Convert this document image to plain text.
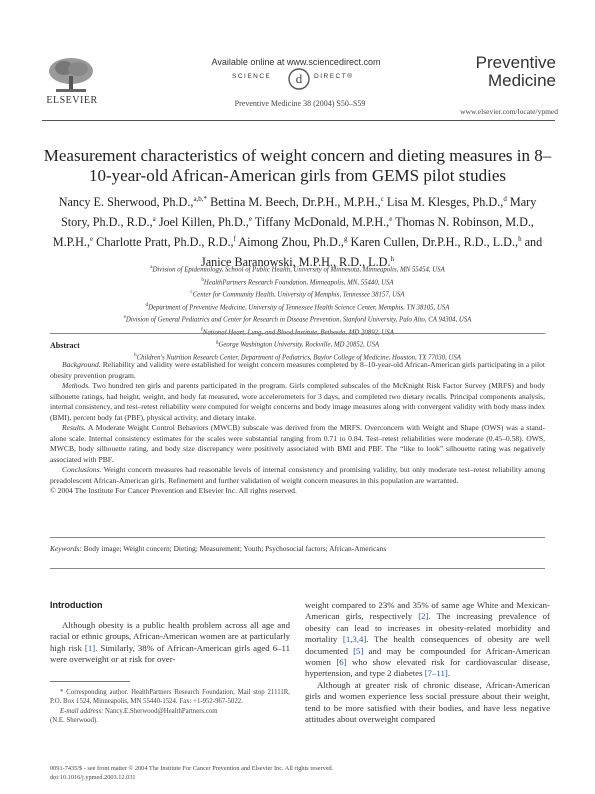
ELSEVIER
Available online at www.sciencedirect.com
d
SCIENCE	DIRECT®
Preventive Medicine 38 (2004) S50–S59
Preventive
Medicine
www.elsevier.com/locate/ypmed
Measurement characteristics of weight concern and dieting measures in 8–10-year-old African-American girls from GEMS pilot studies
Nancy E. Sherwood, Ph.D.,$^{a,b,*}$ Bettina M. Beech, Dr.P.H., M.P.H.,$^c$ Lisa M. Klesges, Ph.D.,$^d$ Mary Story, Ph.D., R.D.,$^a$ Joel Killen, Ph.D.,$^e$ Tiffany McDonald, M.P.H.,$^e$ Thomas N. Robinson, M.D., M.P.H.,$^e$ Charlotte Pratt, Ph.D., R.D.,$^f$ Aimong Zhou, Ph.D.,$^g$ Karen Cullen, Dr.P.H., R.D., L.D.,$^h$ and Janice Baranowski, M.P.H., R.D., L.D.$^h$
$^a$Division of Epidemiology, School of Public Health, University of Minnesota, Minneapolis, MN 55454, USA
$^b$HealthPartners Research Foundation, Minneapolis, MN, 55440, USA
$^c$Center for Community Health, University of Memphis, Tennessee 38157, USA
$^d$Department of Preventive Medicine, University of Tennessee Health Science Center, Memphis, TN 38105, USA
$^e$Division of General Pediatrics and Center for Research in Disease Prevention, Stanford University, Palo Alto, CA 94304, USA
$^f$
$^g$George Washington University, Rockville, MD 20852, USA
$^h$Children's Nutrition Research Center, Department of Pediatrics, Baylor College of Medicine, Houston, TX 77030, USA
Abstract

Background. Reliability and validity were established for weight concern measures completed by 8–10-year-old African-American girls participating in a pilot obesity prevention program.

Methods. Two hundred ten girls and parents participated in the program. Girls completed subscales of the McKnight Risk Factor Survey (MRFS) and body silhouette ratings, had height, weight, and body fat measured, wore accelerometers for 3 days, and completed two dietary recalls. Principal components analysis, internal consistency, and test–retest reliability were computed for weight concerns and body image measures along with convergent validity with body mass index (BMI), percent body fat (PBF), physical activity, and dietary intake.

Results. A Moderate Weight Control Behaviors (MWCB) subscale was derived from the MRFS. Overconcern with Weight and Shape (OWS) was a stand-alone scale. Internal consistency estimates for the scales were substantial ranging from 0.71 to 0.84. Test–retest reliabilities were moderate (0.45–0.58). OWS, MWCB, body silhouette rating, and body size discrepancy were positively associated with BMI and PBF. The “like to look” silhouette rating was negatively associated with PBF.

Conclusions. Weight concern measures had reasonable levels of internal consistency and promising validity, but only moderate test–retest reliability among preadolescent African-American girls. Refinement and further validation of weight concern measures in this population are warranted.

© 2004 The Institute For Cancer Prevention and Elsevier Inc. All rights reserved.

Keywords: Body image; Weight concern; Dieting; Measurement; Youth; Psychosocial factors; African-Americans
Introduction

Although obesity is a public health problem across all age and racial or ethnic groups, African-American women are at particularly high risk [1]. Similarly, 38% of African-American girls aged 6–11 were overweight or at risk for over-

* Corresponding author. HealthPartners Research Foundation, Mail stop 21111R, P.O. Box 1524, Minneapolis, MN 55440-1524. Fax: +1-952-967-5022.

E-mail address: Nancy.E.Sherwood@HealthPartners.com

(N.E. Sherwood).

weight compared to 23% and 35% of same age White and Mexican-American girls, respectively [2]. The increasing prevalence of obesity can lead to increases in obesity-related morbidity and mortality [1,3,4]. The health consequences of obesity are well documented [5] and may be compounded for African-American women [6] who show elevated risk for cardiovascular disease, hypertension, and type 2 diabetes [7–11].

Although at greater risk of chronic disease, African-American girls and women experience less social pressure about their weight, tend to be more satisfied with their bodies, and have less negative attitudes about overweight compared

0091-7435/$ - see front matter © 2004 The Institute For Cancer Prevention and Elsevier Inc. All rights reserved.
doi:10.1016/j.ypmed.2003.12.031
